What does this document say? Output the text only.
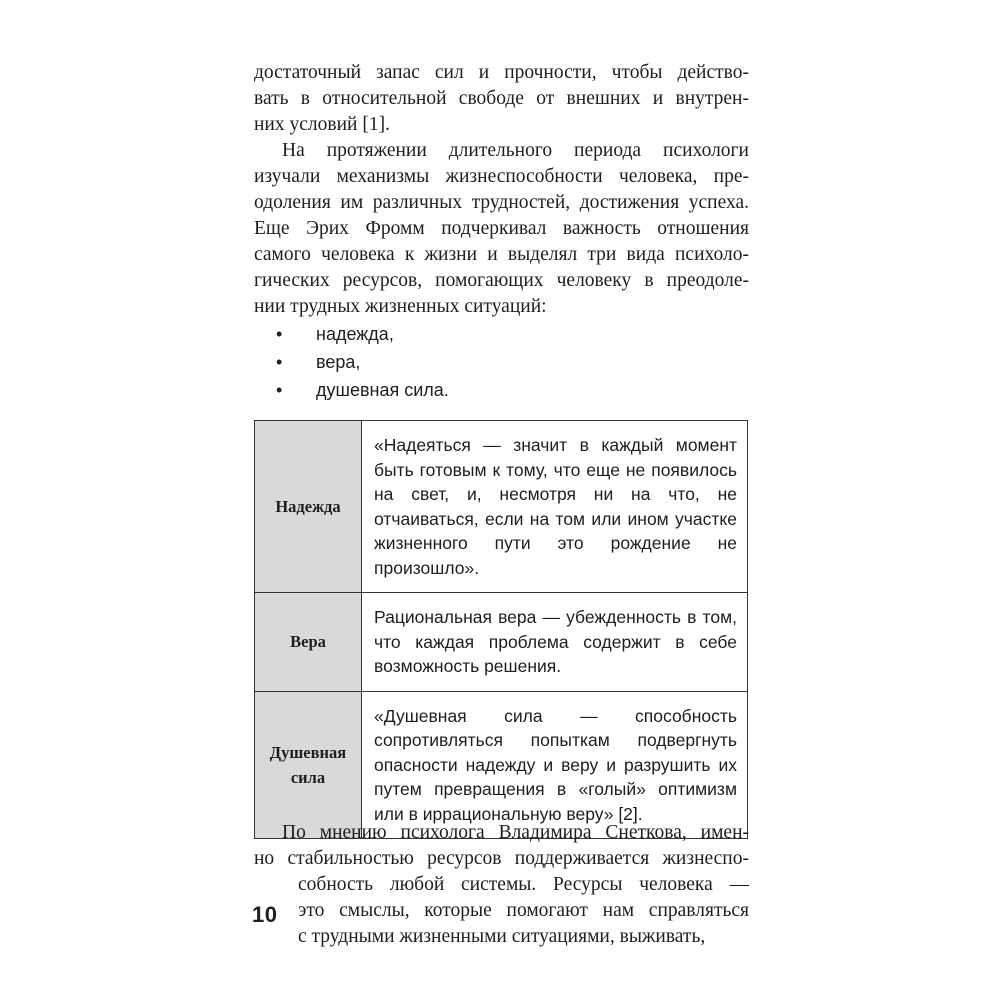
достаточный запас сил и прочности, чтобы действо-
вать в относительной свободе от внешних и внутрен-
них условий [1].
На протяжении длительного периода психологи
изучали механизмы жизнеспособности человека, пре-
одоления им различных трудностей, достижения успеха.
Еще Эрих Фромм подчеркивал важность отношения
самого человека к жизни и выделял три вида психоло-
гических ресурсов, помогающих человеку в преодоле-
нии трудных жизненных ситуаций:
•	надежда,
•	вера,
•	душевная сила.
Надежда	«Надеяться — значит в каждый момент быть готовым к тому, что еще не появилось на свет, и, несмотря ни на что, не отчаиваться, если на том или ином участке жизненного пути это рождение не произошло».
Вера	Рациональная вера — убежденность в том, что каждая проблема содержит в себе возможность решения.
Душевная сила	«Душевная сила — способность сопротивляться попыткам подвергнуть опасности надежду и веру и разрушить их путем превращения в «голый» оптимизм или в иррациональную веру» [2].
По мнению психолога Владимира Снеткова, имен-
но стабильностью ресурсов поддерживается жизнеспо-
собность любой системы. Ресурсы человека —
это смыслы, которые помогают нам справляться
с трудными жизненными ситуациями, выживать,
10
